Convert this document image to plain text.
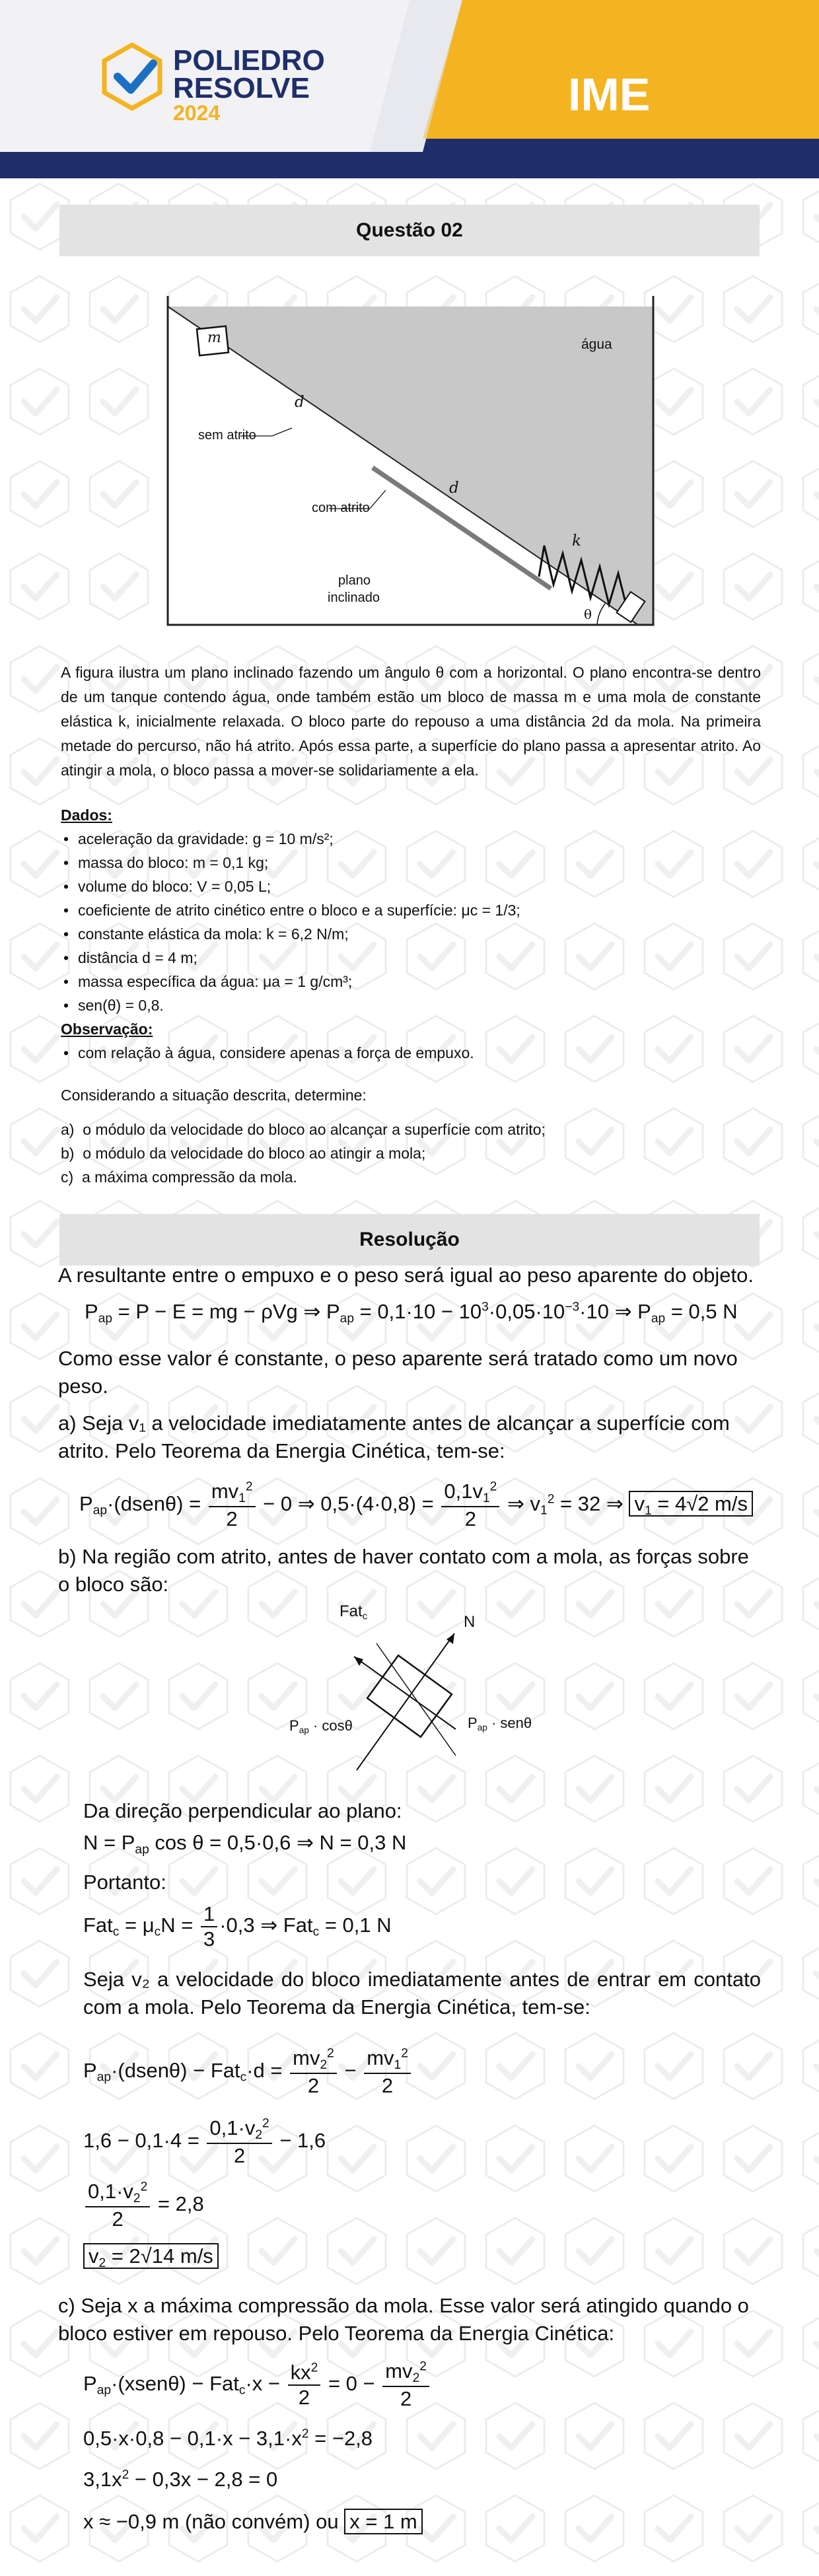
POLIEDRO
RESOLVE
2024	IME
Questão 02
água
m
d
d
sem atrito
com atrito
plano
inclinado
k
θ
A figura ilustra um plano inclinado fazendo um ângulo θ com a horizontal. O plano encontra-se dentro de um tanque contendo água, onde também estão um bloco de massa m e uma mola de constante elástica k, inicialmente relaxada. O bloco parte do repouso a uma distância 2d da mola. Na primeira metade do percurso, não há atrito. Após essa parte, a superfície do plano passa a apresentar atrito. Ao atingir a mola, o bloco passa a mover-se solidariamente a ela.
Dados:
• aceleração da gravidade: g = 10 m/s²;
• massa do bloco: m = 0,1 kg;
• volume do bloco: V = 0,05 L;
• coeficiente de atrito cinético entre o bloco e a superfície: μc = 1/3;
• constante elástica da mola: k = 6,2 N/m;
• distância d = 4 m;
• massa específica da água: μa = 1 g/cm³;
• sen(θ) = 0,8.
Observação:
• com relação à água, considere apenas a força de empuxo.
Considerando a situação descrita, determine:
a) o módulo da velocidade do bloco ao alcançar a superfície com atrito;
b) o módulo da velocidade do bloco ao atingir a mola;
c) a máxima compressão da mola.
Resolução
A resultante entre o empuxo e o peso será igual ao peso aparente do objeto.
$P_{ap} = P - E$ = mg − ρVg ⇒ $P_{ap} = 0,1\cdot 10 - 10^3\cdot 0,05\cdot 10^{-3}\cdot 10$ ⇒ $P_{ap} = 0,5$ N
Como esse valor é constante, o peso aparente será tratado como um novo peso.
a) Seja v₁ a velocidade imediatamente antes de alcançar a superfície com atrito. Pelo Teorema da Energia Cinética, tem-se:
$P_{ap}\cdot(dsen\theta) = \frac{mv_1^2}{2} - 0$ ⇒ $0,5\cdot(4\cdot 0,8) = \frac{0,1v_1^2}{2}$ ⇒ $v_1^2 = 32$ ⇒ $v_1 = 4√2$ m/s
b) Na região com atrito, antes de haver contato com a mola, as forças sobre o bloco são:
Fat$_c$	N
$P_{ap} \cdot \cos\theta$	$P_{ap} \cdot sen\theta$
Da direção perpendicular ao plano:
$N = P_{ap}$ cos θ = 0,5·0,6 ⇒ N = 0,3 N
Portanto:
$Fat_c = \mu_cN = \frac{1}{3} \cdot 0,3$ ⇒ Fat$_c$ = 0,1 N
Seja v₂ a velocidade do bloco imediatamente antes de entrar em contato com a mola. Pelo Teorema da Energia Cinética, tem-se:
$P_{ap}\cdot(dsen\theta) - Fat_c\cdot d = \frac{mv_2^2}{2} - \frac{mv_1^2}{2}$
$1,6 - 0,1\cdot 4 = \frac{0,1\cdot v_2^2}{2} - 1,6$
$\frac{0,1\cdot v_2^2}{2} = 2,8$
$v_2 = 2√14$ m/s
c) Seja x a máxima compressão da mola. Esse valor será atingido quando o bloco estiver em repouso. Pelo Teorema da Energia Cinética:
$P_{ap}\cdot(xsen\theta) - Fat_c\cdot x - \frac{kx^2}{2} = 0 - \frac{mv_2^2}{2}$
$0,5\cdot x\cdot 0,8 - 0,1\cdot x - 3,1\cdot x^2 = -2,8$
$3,1x^2 - 0,3x - 2,8 = 0$
x ≈ −0,9 m (não convém) ou x = 1 m
